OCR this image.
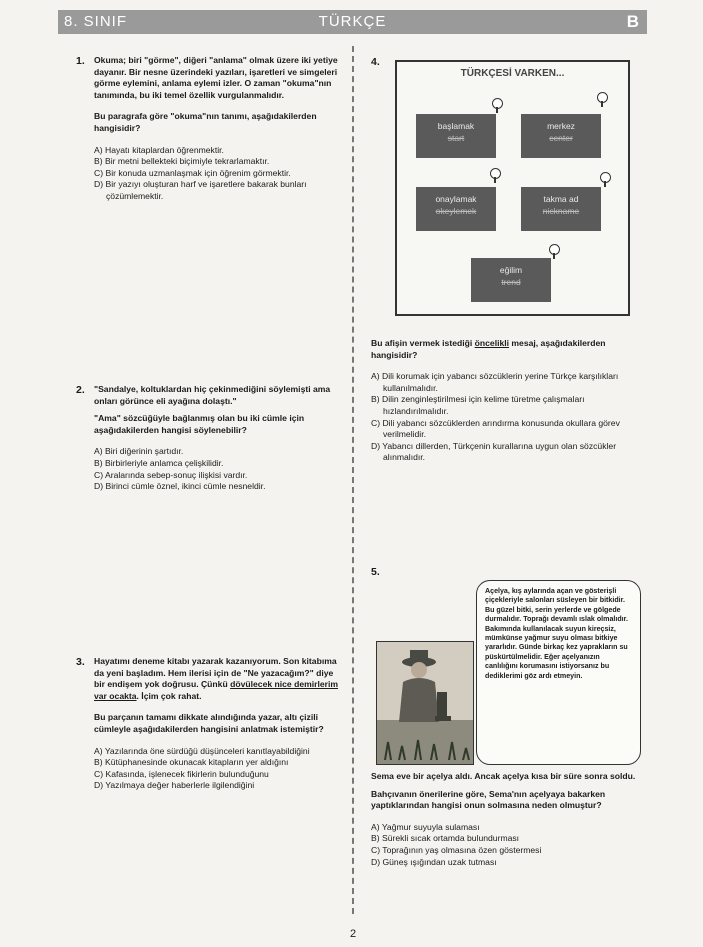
8. SINIF	TÜRKÇE	B
1. Okuma; biri "görme", diğeri "anlama" olmak üzere iki yetiye dayanır. Bir nesne üzerindeki yazıları, işaretleri ve simgeleri görme eylemini, anlama eylemi izler. O zaman "okuma"nın tanımında, bu iki temel özellik vurgulanmalıdır.
Bu paragrafa göre "okuma"nın tanımı, aşağıdakilerden hangisidir?
A) Hayatı kitaplardan öğrenmektir.
B) Bir metni bellekteki biçimiyle tekrarlamaktır.
C) Bir konuda uzmanlaşmak için öğrenim görmektir.
D) Bir yazıyı oluşturan harf ve işaretlere bakarak bunları çözümlemektir.
2. "Sandalye, koltuklardan hiç çekinmediğini söylemişti ama onları görünce eli ayağına dolaştı."
"Ama" sözcüğüyle bağlanmış olan bu iki cümle için aşağıdakilerden hangisi söylenebilir?
A) Biri diğerinin şartıdır.
B) Birbirleriyle anlamca çelişkilidir.
C) Aralarında sebep-sonuç ilişkisi vardır.
D) Birinci cümle öznel, ikinci cümle nesneldir.
3. Hayatımı deneme kitabı yazarak kazanıyorum. Son kitabıma da yeni başladım. Hem ilerisi için de "Ne yazacağım?" diye bir endişem yok doğrusu. Çünkü dövülecek nice demirlerim var ocakta. İçim çok rahat.
Bu parçanın tamamı dikkate alındığında yazar, altı çizili cümleyle aşağıdakilerden hangisini anlatmak istemiştir?
A) Yazılarında öne sürdüğü düşünceleri kanıtlayabildiğini
B) Kütüphanesinde okunacak kitapların yer aldığını
C) Kafasında, işlenecek fikirlerin bulunduğunu
D) Yazılmaya değer haberlerle ilgilendiğini
4.
TÜRKÇESİ VARKEN...
başlamak
start
merkez
center
onaylamak
okeylemek
takma ad
nickname
eğilim
trend
Bu afişin vermek istediği öncelikli mesaj, aşağıdakilerden hangisidir?
A) Dili korumak için yabancı sözcüklerin yerine Türkçe karşılıkları kullanılmalıdır.
B) Dilin zenginleştirilmesi için kelime türetme çalışmaları hızlandırılmalıdır.
C) Dili yabancı sözcüklerden arındırma konusunda okullara görev verilmelidir.
D) Yabancı dillerden, Türkçenin kurallarına uygun olan sözcükler alınmalıdır.
5.
Açelya, kış aylarında açan ve gösterişli çiçekleriyle salonları süsleyen bir bitkidir. Bu güzel bitki, serin yerlerde ve gölgede durmalıdır. Toprağı devamlı ıslak olmalıdır. Bakımında kullanılacak suyun kireçsiz, mümkünse yağmur suyu olması bitkiye yararlıdır. Günde birkaç kez yaprakların su püskürtülmelidir. Eğer açelyanızın canlılığını korumasını istiyorsanız bu dediklerimi göz ardı etmeyin.
Sema eve bir açelya aldı. Ancak açelya kısa bir süre sonra soldu.
Bahçıvanın önerilerine göre, Sema'nın açelyaya bakarken yaptıklarından hangisi onun solmasına neden olmuştur?
A) Yağmur suyuyla sulaması
B) Sürekli sıcak ortamda bulundurması
C) Toprağının yaş olmasına özen göstermesi
D) Güneş ışığından uzak tutması
2
